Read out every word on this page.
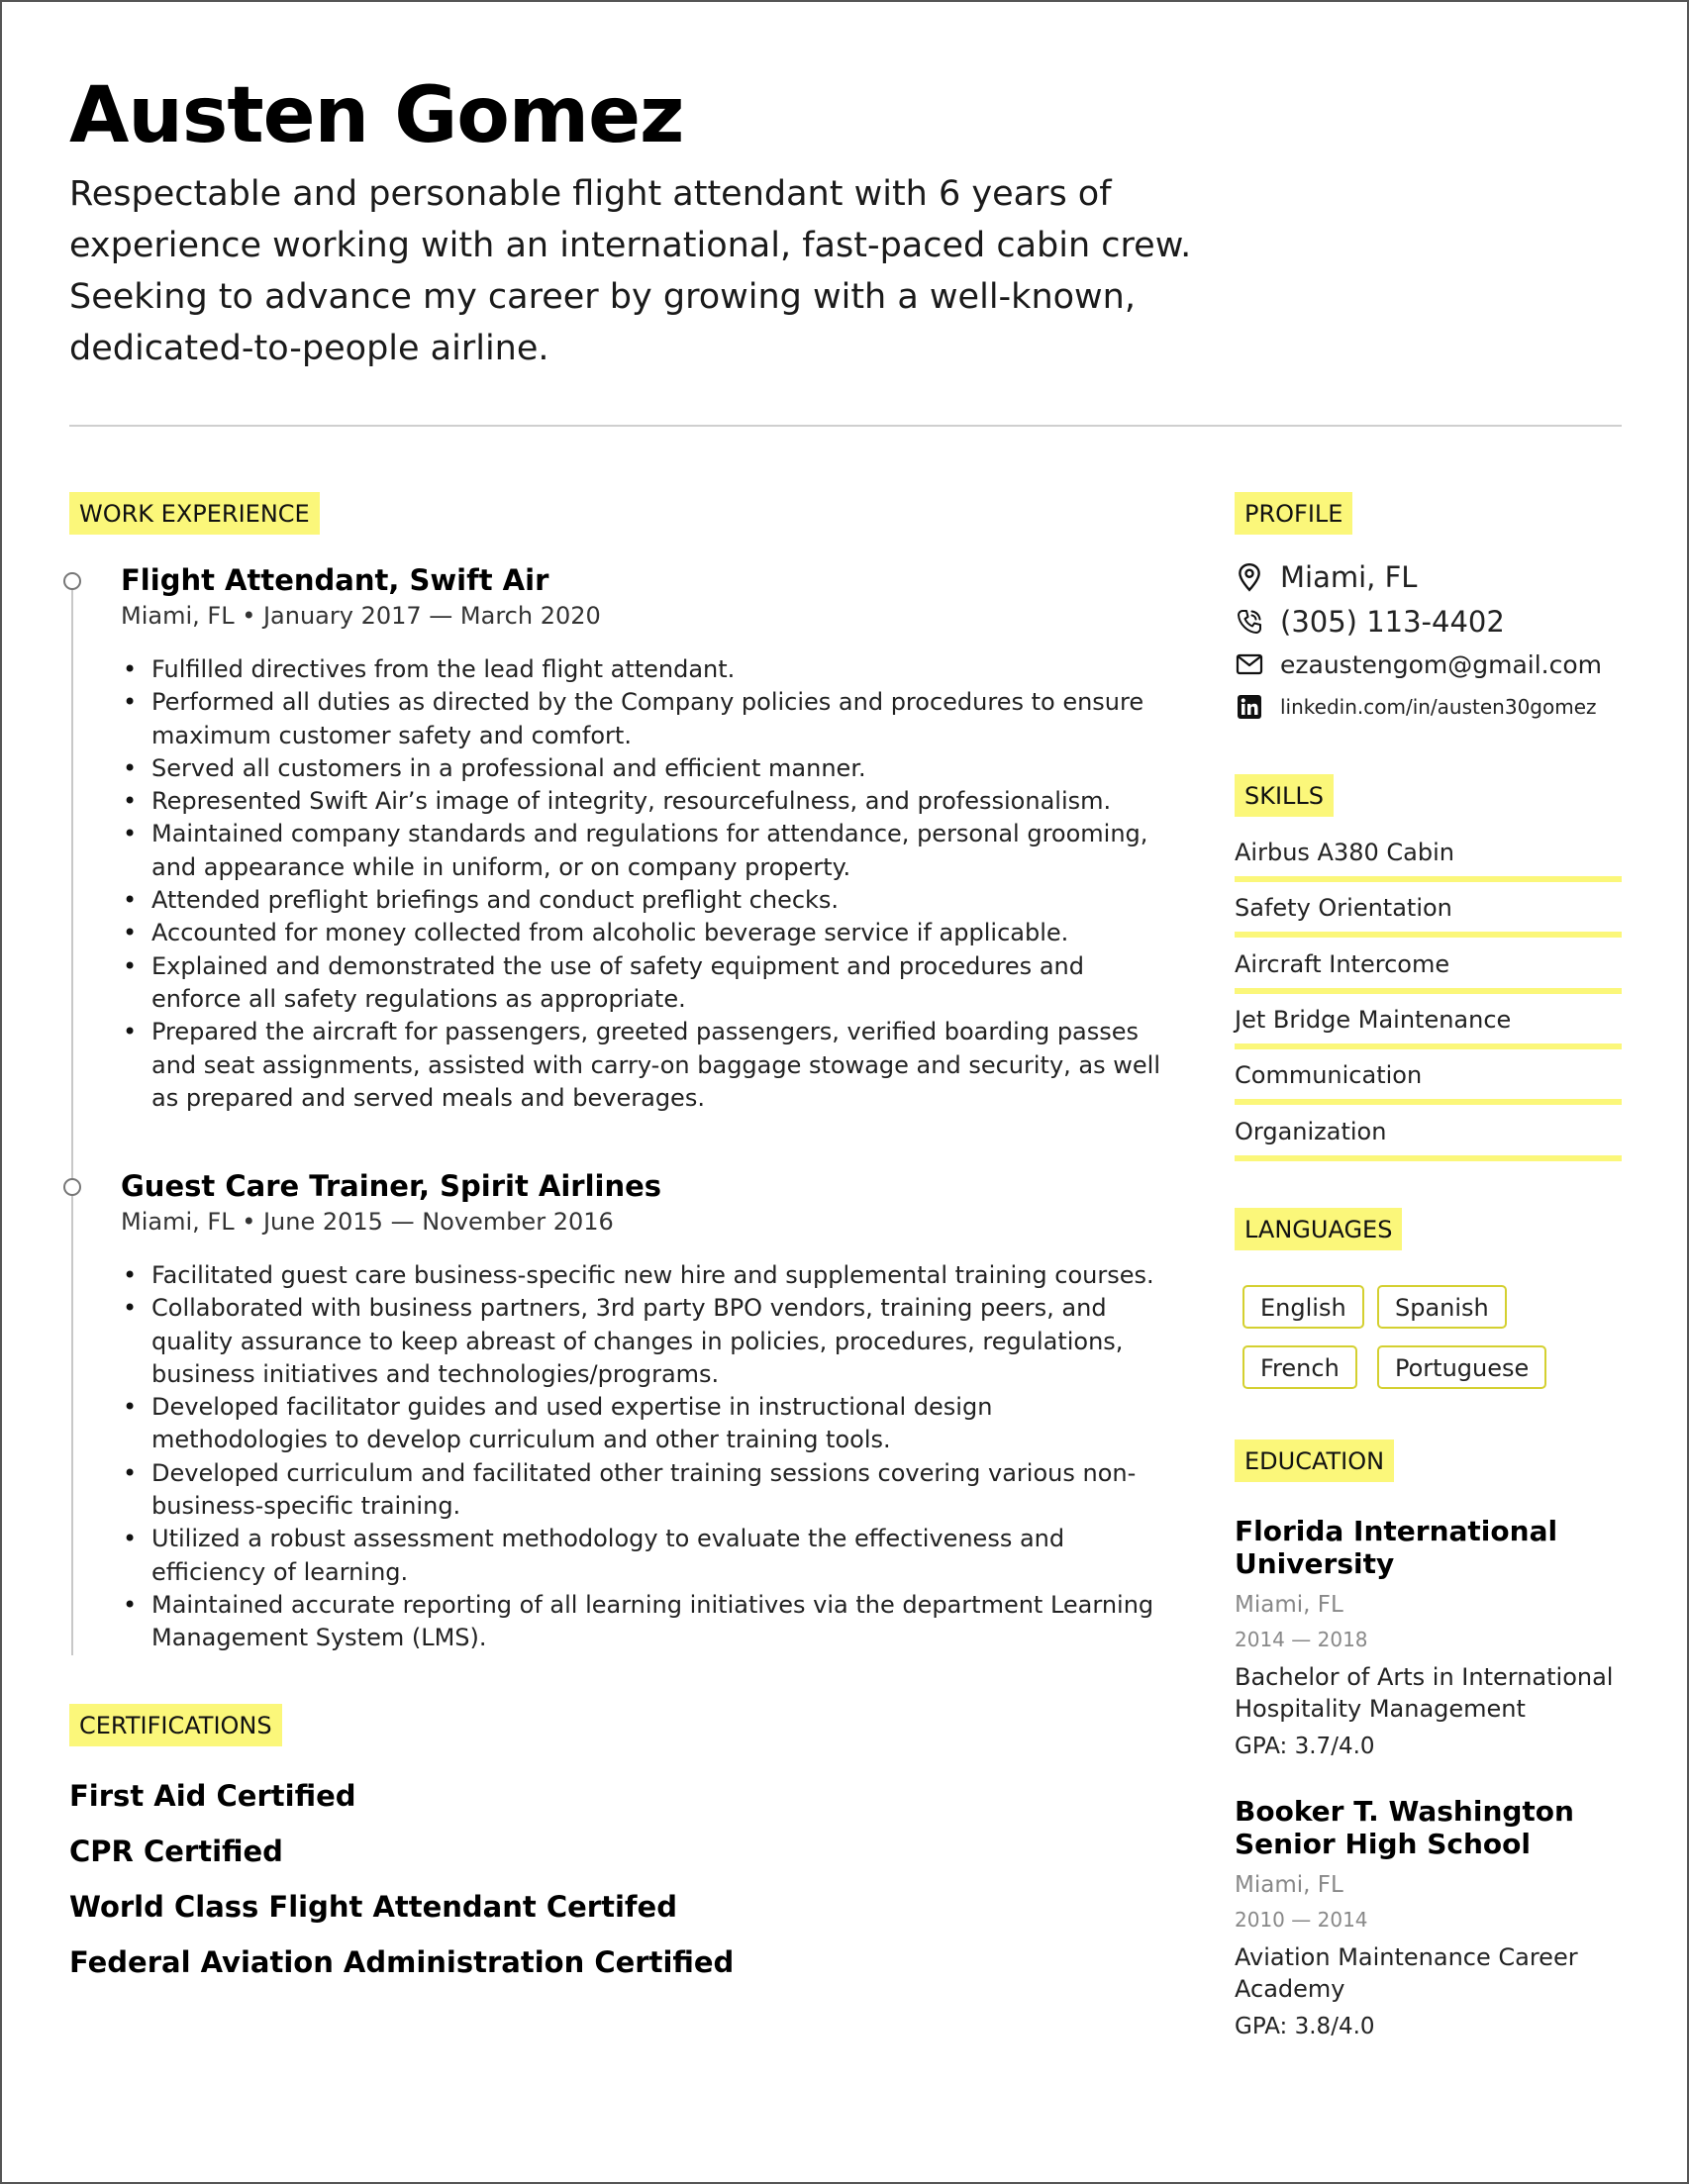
Austen Gomez

Respectable and personable flight attendant with 6 years of experience working with an international, fast-paced cabin crew. Seeking to advance my career by growing with a well-known, dedicated-to-people airline.

WORK EXPERIENCE

Flight Attendant, Swift Air

Miami, FL • January 2017 — March 2020

• Fulfilled directives from the lead flight attendant.
• Performed all duties as directed by the Company policies and procedures to ensure maximum customer safety and comfort.
• Served all customers in a professional and efficient manner.
• Represented Swift Air’s image of integrity, resourcefulness, and professionalism.
• Maintained company standards and regulations for attendance, personal grooming, and appearance while in uniform, or on company property.
• Attended preflight briefings and conduct preflight checks.
• Accounted for money collected from alcoholic beverage service if applicable.
• Explained and demonstrated the use of safety equipment and procedures and enforce all safety regulations as appropriate.
• Prepared the aircraft for passengers, greeted passengers, verified boarding passes and seat assignments, assisted with carry-on baggage stowage and security, as well as prepared and served meals and beverages.

Guest Care Trainer, Spirit Airlines

Miami, FL • June 2015 — November 2016

• Facilitated guest care business-specific new hire and supplemental training courses.
• Collaborated with business partners, 3rd party BPO vendors, training peers, and quality assurance to keep abreast of changes in policies, procedures, regulations, business initiatives and technologies/programs.
• Developed facilitator guides and used expertise in instructional design methodologies to develop curriculum and other training tools.
• Developed curriculum and facilitated other training sessions covering various non-business-specific training.
• Utilized a robust assessment methodology to evaluate the effectiveness and efficiency of learning.
• Maintained accurate reporting of all learning initiatives via the department Learning Management System (LMS).
CERTIFICATIONS
First Aid Certified
CPR Certified
World Class Flight Attendant Certifed
Federal Aviation Administration Certified
PROFILE
Miami, FL
(305) 113-4402
ezaustengom@gmail.com
linkedin.com/in/austen30gomez
SKILLS
Airbus A380 Cabin
Safety Orientation
Aircraft Intercome
Jet Bridge Maintenance
Communication
Organization
LANGUAGES
English	Spanish
French	Portuguese
EDUCATION

Florida International University

Miami, FL

2014 — 2018

Bachelor of Arts in International Hospitality Management

GPA: 3.7/4.0

Booker T. Washington Senior High School

Miami, FL

2010 — 2014

Aviation Maintenance Career Academy

GPA: 3.8/4.0
